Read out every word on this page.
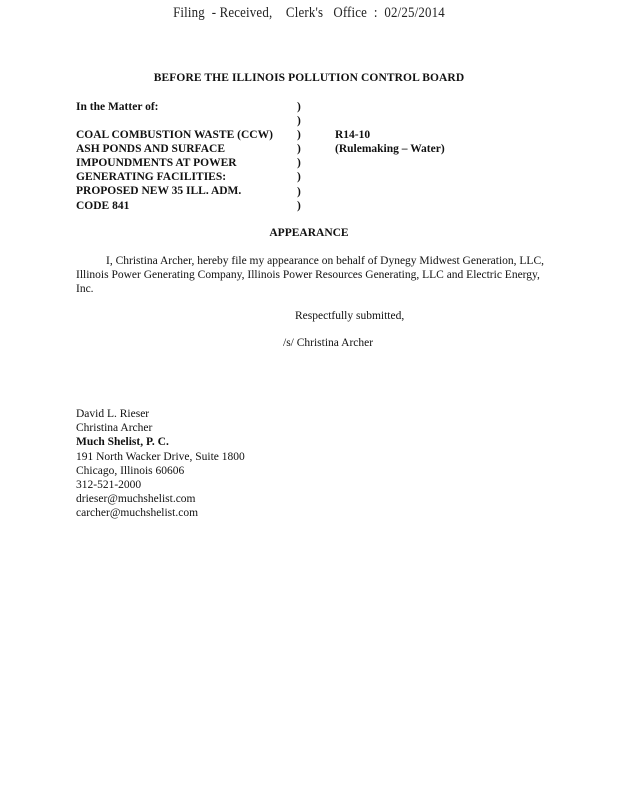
Filing  - Received,    Clerk's   Office  :  02/25/2014
BEFORE THE ILLINOIS POLLUTION CONTROL BOARD
In the Matter of:
COAL COMBUSTION WASTE (CCW)
ASH PONDS AND SURFACE
IMPOUNDMENTS AT POWER
GENERATING FACILITIES:
PROPOSED NEW 35 ILL. ADM.
CODE 841
)
)
)
)
)
)
)
)
R14-10
(Rulemaking – Water)
APPEARANCE
I, Christina Archer, hereby file my appearance on behalf of Dynegy Midwest Generation, LLC, Illinois Power Generating Company, Illinois Power Resources Generating, LLC and Electric Energy, Inc.
Respectfully submitted,
/s/ Christina Archer
David L. Rieser
Christina Archer
Much Shelist, P. C.
191 North Wacker Drive, Suite 1800
Chicago, Illinois 60606
312-521-2000
drieser@muchshelist.com
carcher@muchshelist.com
